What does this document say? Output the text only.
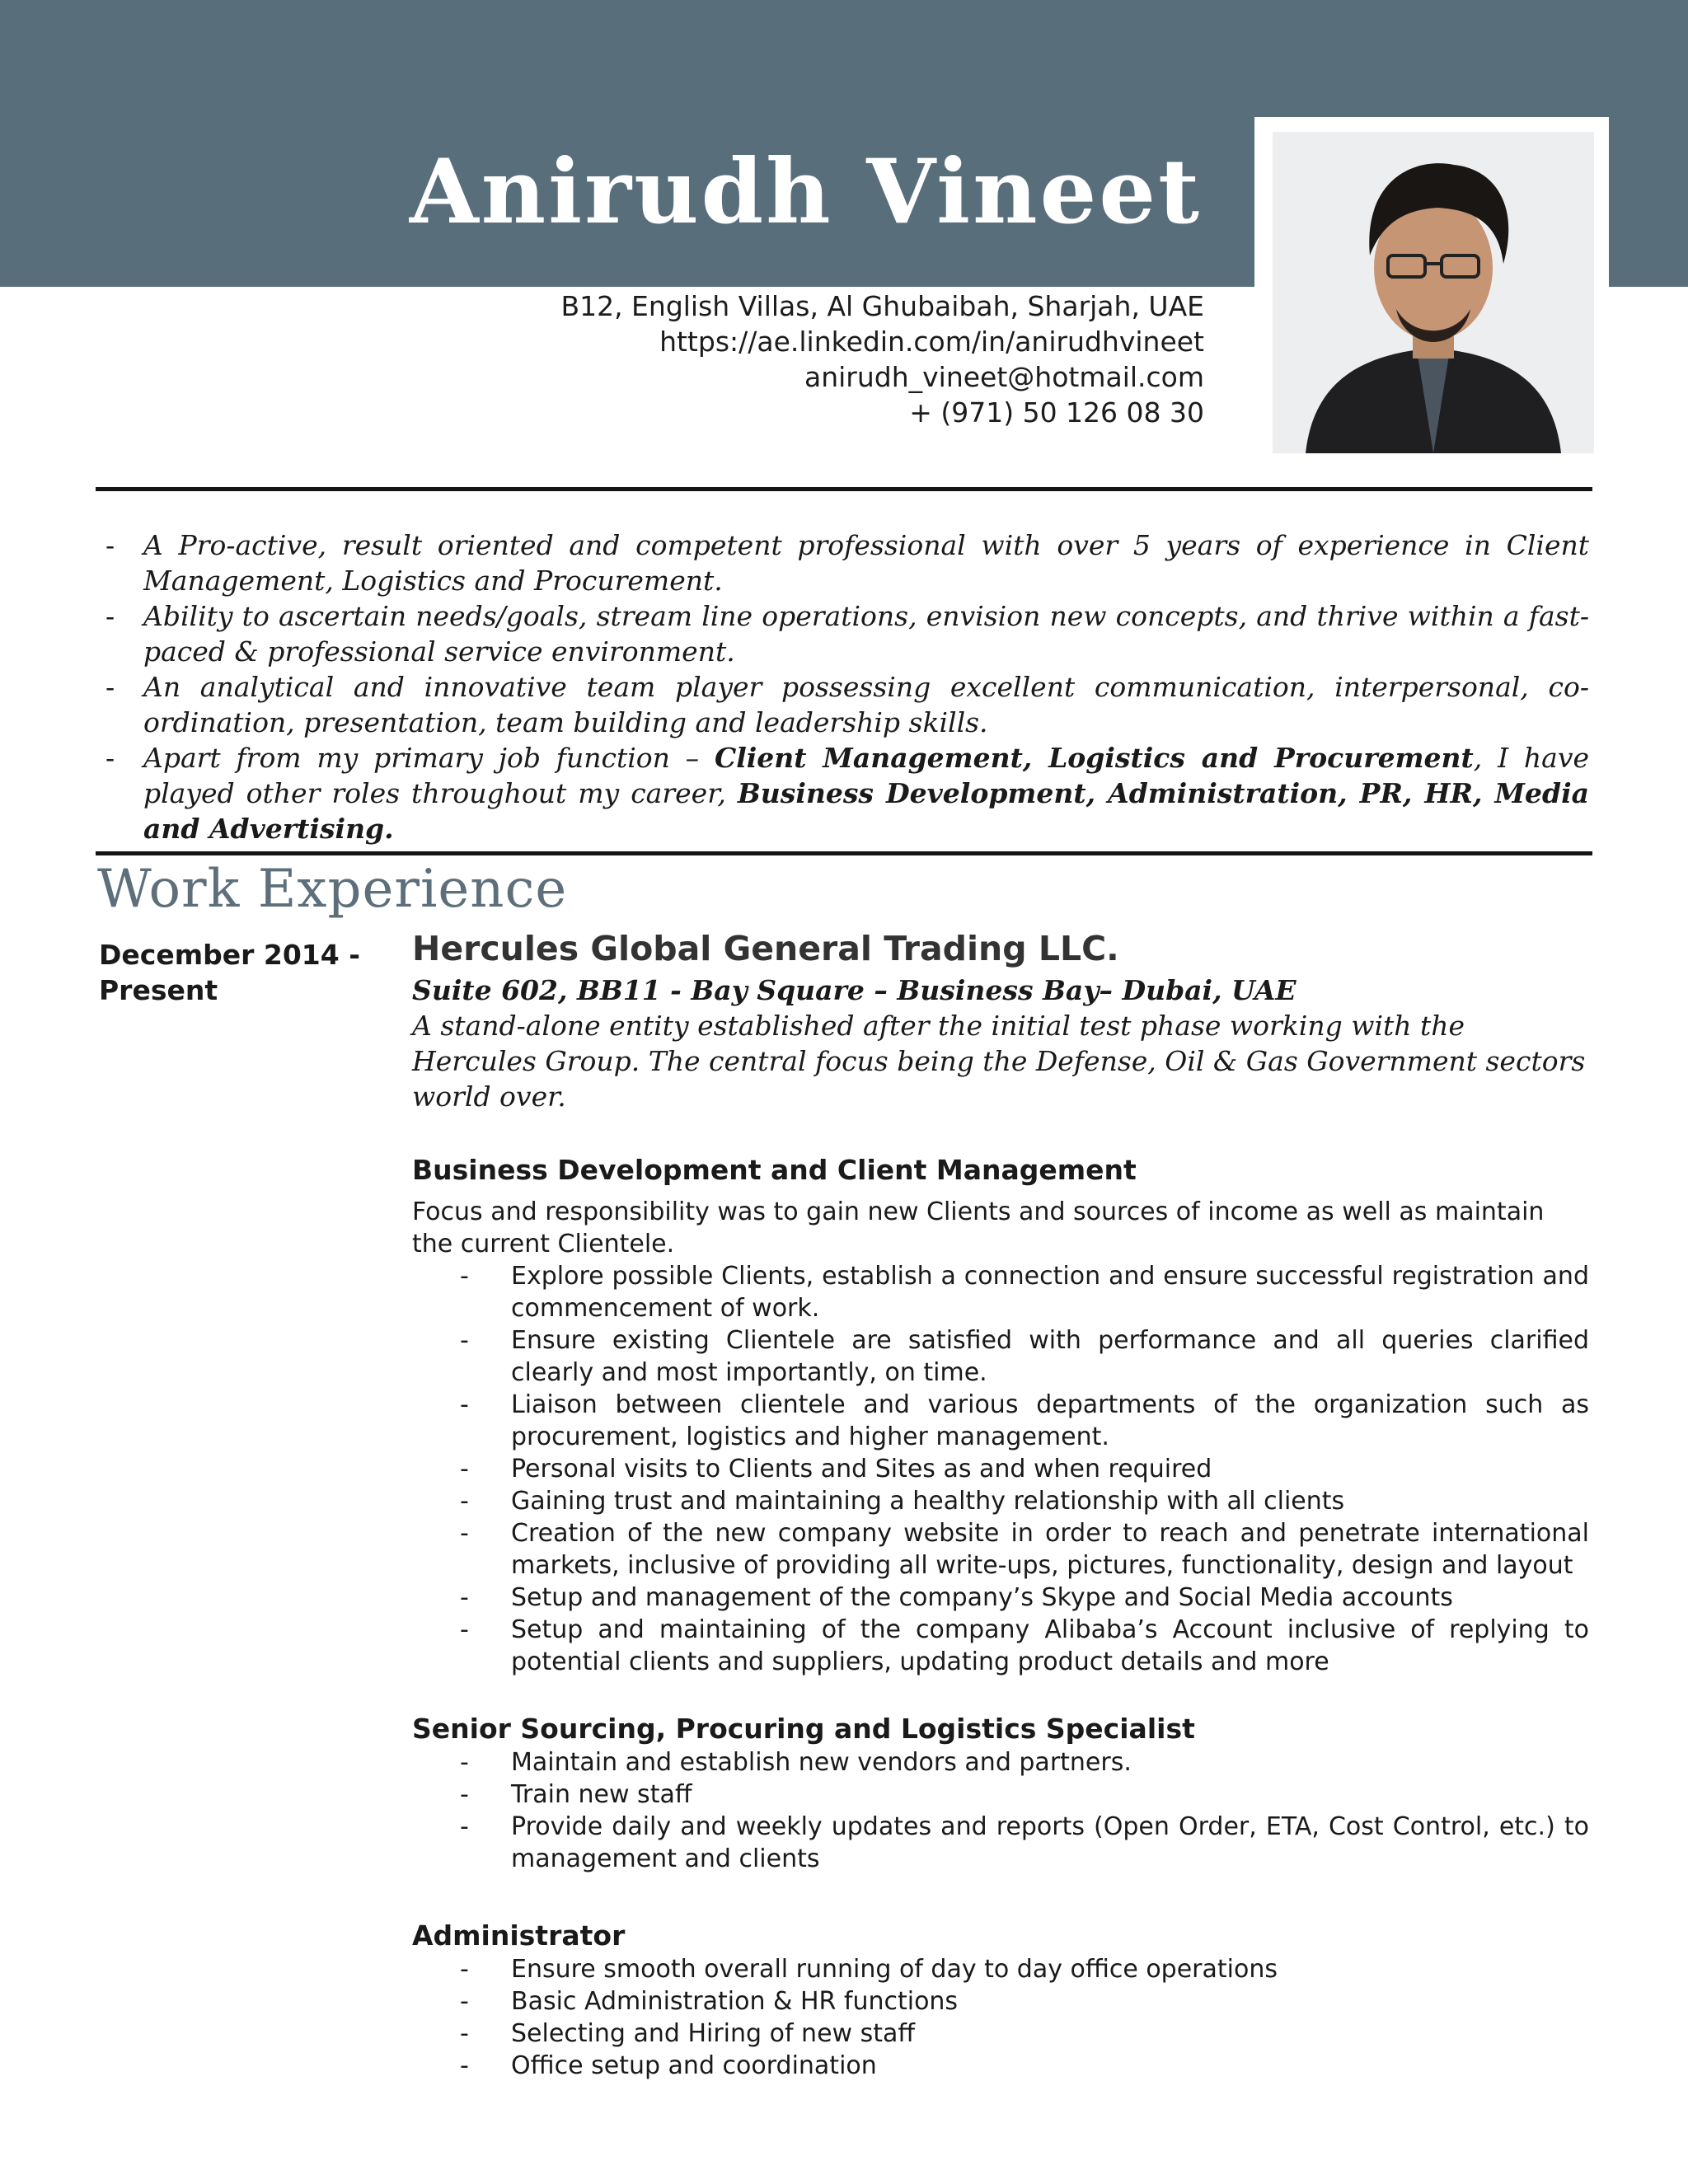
Anirudh Vineet
B12, English Villas, Al Ghubaibah, Sharjah, UAE
https://ae.linkedin.com/in/anirudhvineet
anirudh_vineet@hotmail.com
+ (971) 50 126 08 30
- A Pro-active, result oriented and competent professional with over 5 years of experience in Client Management, Logistics and Procurement.
- Ability to ascertain needs/goals, stream line operations, envision new concepts, and thrive within a fast-paced & professional service environment.
- An analytical and innovative team player possessing excellent communication, interpersonal, co-ordination, presentation, team building and leadership skills.
- Apart from my primary job function – Client Management, Logistics and Procurement, I have played other roles throughout my career, Business Development, Administration, PR, HR, Media and Advertising.
Work Experience
December 2014 - Present
Hercules Global General Trading LLC.
Suite 602, BB11 - Bay Square – Business Bay– Dubai, UAE
A stand-alone entity established after the initial test phase working with the Hercules Group. The central focus being the Defense, Oil & Gas Government sectors world over.
Business Development and Client Management
Focus and responsibility was to gain new Clients and sources of income as well as maintain the current Clientele.
- Explore possible Clients, establish a connection and ensure successful registration and commencement of work.
- Ensure existing Clientele are satisfied with performance and all queries clarified clearly and most importantly, on time.
- Liaison between clientele and various departments of the organization such as procurement, logistics and higher management.
- Personal visits to Clients and Sites as and when required
- Gaining trust and maintaining a healthy relationship with all clients
- Creation of the new company website in order to reach and penetrate international markets, inclusive of providing all write-ups, pictures, functionality, design and layout
- Setup and management of the company’s Skype and Social Media accounts
- Setup and maintaining of the company Alibaba’s Account inclusive of replying to potential clients and suppliers, updating product details and more
Senior Sourcing, Procuring and Logistics Specialist
- Maintain and establish new vendors and partners.
- Train new staff
- Provide daily and weekly updates and reports (Open Order, ETA, Cost Control, etc.) to management and clients
Administrator
- Ensure smooth overall running of day to day office operations
- Basic Administration & HR functions
- Selecting and Hiring of new staff
- Office setup and coordination
